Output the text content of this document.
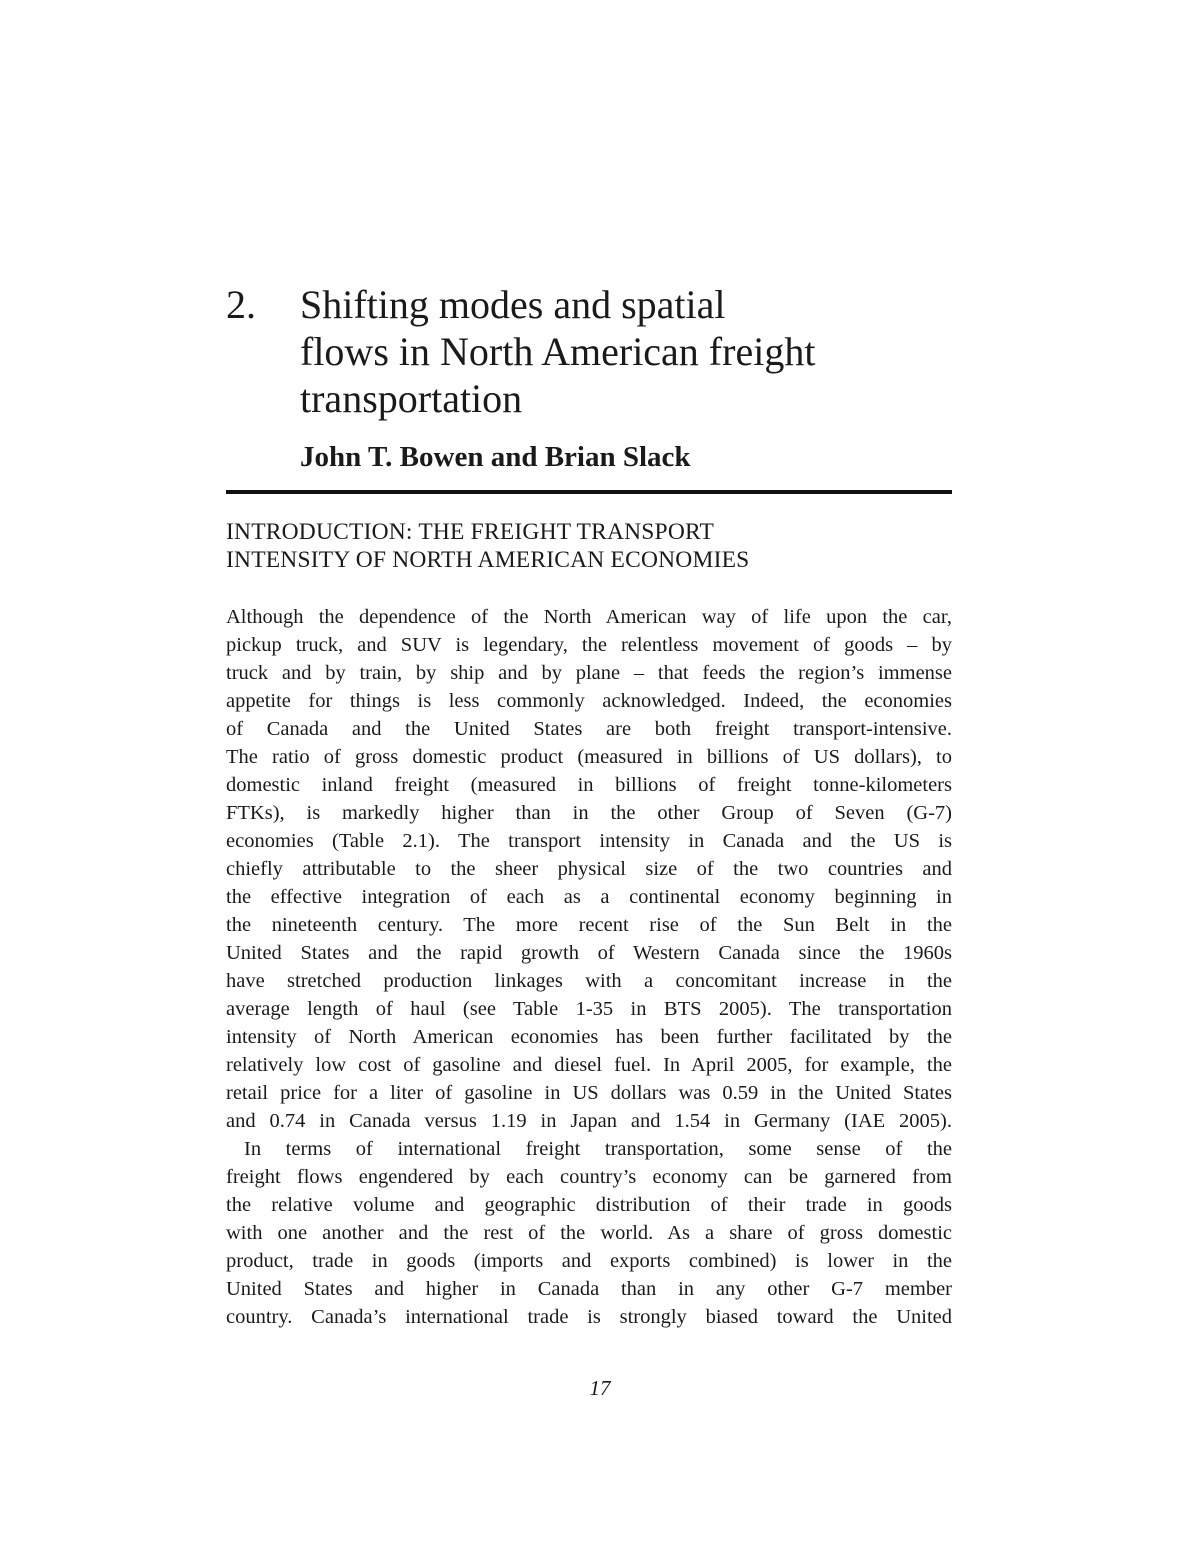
2.	Shifting modes and spatial
flows in North American freight
transportation
John T. Bowen and Brian Slack
INTRODUCTION: THE FREIGHT TRANSPORT
INTENSITY OF NORTH AMERICAN ECONOMIES
Although the dependence of the North American way of life upon the car,
pickup truck, and SUV is legendary, the relentless movement of goods – by
truck and by train, by ship and by plane – that feeds the region’s immense
appetite for things is less commonly acknowledged. Indeed, the economies
of Canada and the United States are both freight transport-intensive.
The ratio of gross domestic product (measured in billions of US dollars), to
domestic inland freight (measured in billions of freight tonne-kilometers
FTKs), is markedly higher than in the other Group of Seven (G-7)
economies (Table 2.1). The transport intensity in Canada and the US is
chiefly attributable to the sheer physical size of the two countries and
the effective integration of each as a continental economy beginning in
the nineteenth century. The more recent rise of the Sun Belt in the
United States and the rapid growth of Western Canada since the 1960s
have stretched production linkages with a concomitant increase in the
average length of haul (see Table 1-35 in BTS 2005). The transportation
intensity of North American economies has been further facilitated by the
relatively low cost of gasoline and diesel fuel. In April 2005, for example, the
retail price for a liter of gasoline in US dollars was 0.59 in the United States
and 0.74 in Canada versus 1.19 in Japan and 1.54 in Germany (IAE 2005).
In terms of international freight transportation, some sense of the
freight flows engendered by each country’s economy can be garnered from
the relative volume and geographic distribution of their trade in goods
with one another and the rest of the world. As a share of gross domestic
product, trade in goods (imports and exports combined) is lower in the
United States and higher in Canada than in any other G-7 member
country. Canada’s international trade is strongly biased toward the United
17
